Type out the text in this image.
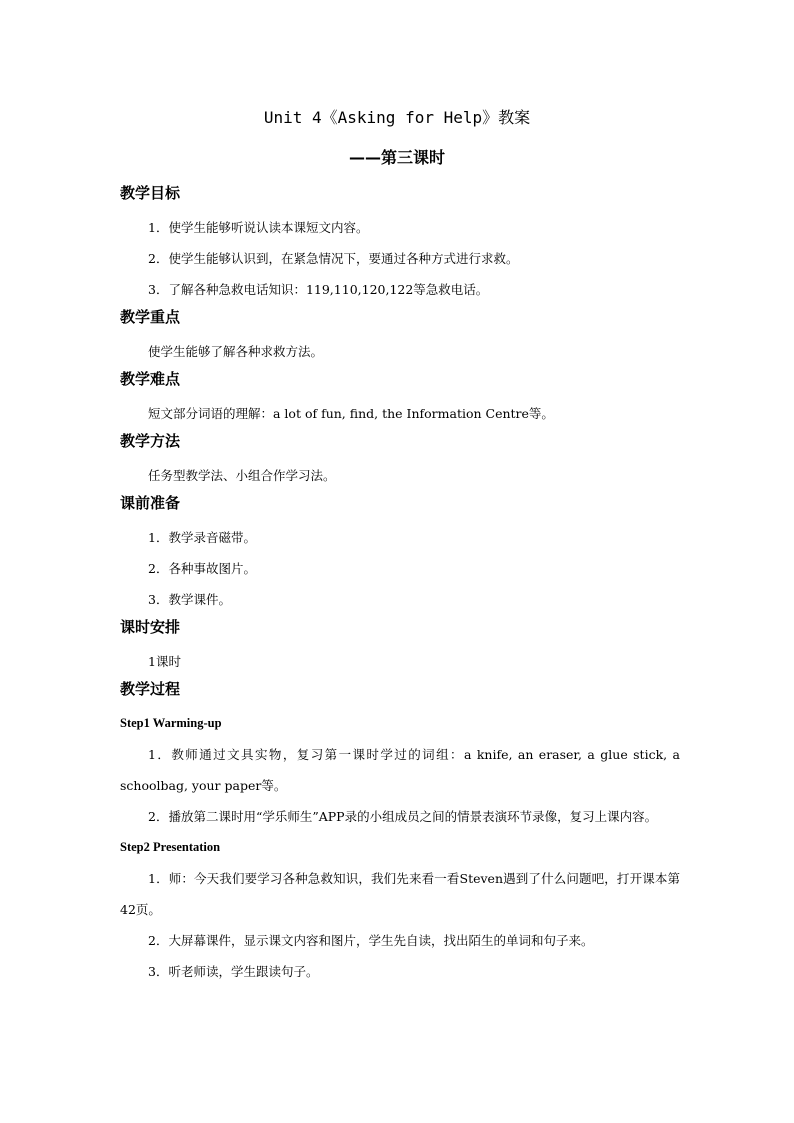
Unit 4《Asking for Help》教案
——第三课时
教学目标
1．使学生能够听说认读本课短文内容。
2．使学生能够认识到，在紧急情况下，要通过各种方式进行求救。
3．了解各种急救电话知识：119,110,120,122等急救电话。
教学重点
使学生能够了解各种求救方法。
教学难点
短文部分词语的理解：a lot of fun, find, the Information Centre等。
教学方法
任务型教学法、小组合作学习法。
课前准备
1．教学录音磁带。
2．各种事故图片。
3．教学课件。
课时安排
1课时
教学过程
Step1 Warming-up
1．教师通过文具实物，复习第一课时学过的词组：a knife, an eraser, a glue stick, a schoolbag, your paper等。
2．播放第二课时用“学乐师生”APP录的小组成员之间的情景表演环节录像，复习上课内容。
Step2 Presentation
1．师：今天我们要学习各种急救知识，我们先来看一看Steven遇到了什么问题吧，打开课本第42页。
2．大屏幕课件，显示课文内容和图片，学生先自读，找出陌生的单词和句子来。
3．听老师读，学生跟读句子。
